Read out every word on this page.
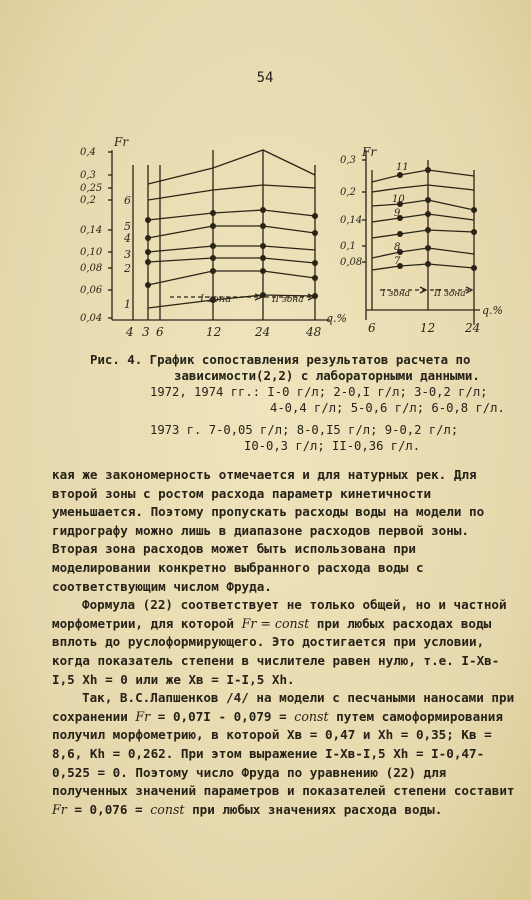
54
Fr
0,4
0,3
0,25
0,2
0,14
0,10
0,08
0,06
0,04
4 3 6	12	24	48
q.%
6
5
4
3
2
1	I зона	II зона
Fr
0,3
0,2
0,14
0,1
0,08
6	12 24
q.%
11
10
9
8
7
I зона	II зона
Рис. 4. График сопоставления результатов расчета по
зависимости(2,2) с лабораторными данными.
1972, 1974 гг.: I-0 г/л; 2-0,I г/л; 3-0,2 г/л;
4-0,4 г/л; 5-0,6 г/л; 6-0,8 г/л.
1973 г. 7-0,05 г/л; 8-0,I5 г/л; 9-0,2 г/л;
I0-0,3 г/л; II-0,36 г/л.

кая же закономерность отмечается и для натурных рек. Для второй зоны с ростом расхода параметр кинетичности уменьшается. Поэтому пропускать расходы воды на модели по гидрографу можно лишь в диапазоне расходов первой зоны. Вторая зона расходов может быть использована при моделировании конкретно выбранного расхода воды с соответствующим числом Фруда.

Формула (22) соответствует не только общей, но и частной морфометрии, для которой Fr = const при любых расходах воды вплоть до руслоформирующего. Это достигается при условии, когда показатель степени в числителе равен нулю, т.е. I-Хв-I,5 Хh = 0 или же Хв = I-I,5 Хh.

Так, В.С.Лапшенков /4/ на модели с песчаными наносами при сохранении Fr = 0,07I - 0,079 = const путем самоформирования получил морфометрию, в которой Хв = 0,47 и Хh = 0,35; Кв = 8,6, Кh = 0,262. При этом выражение I-Хв-I,5 Хh = I-0,47-0,525 = 0. Поэтому число Фруда по уравнению (22) для полученных значений параметров и показателей степени составит Fr = 0,076 = const при любых значениях расхода воды.
